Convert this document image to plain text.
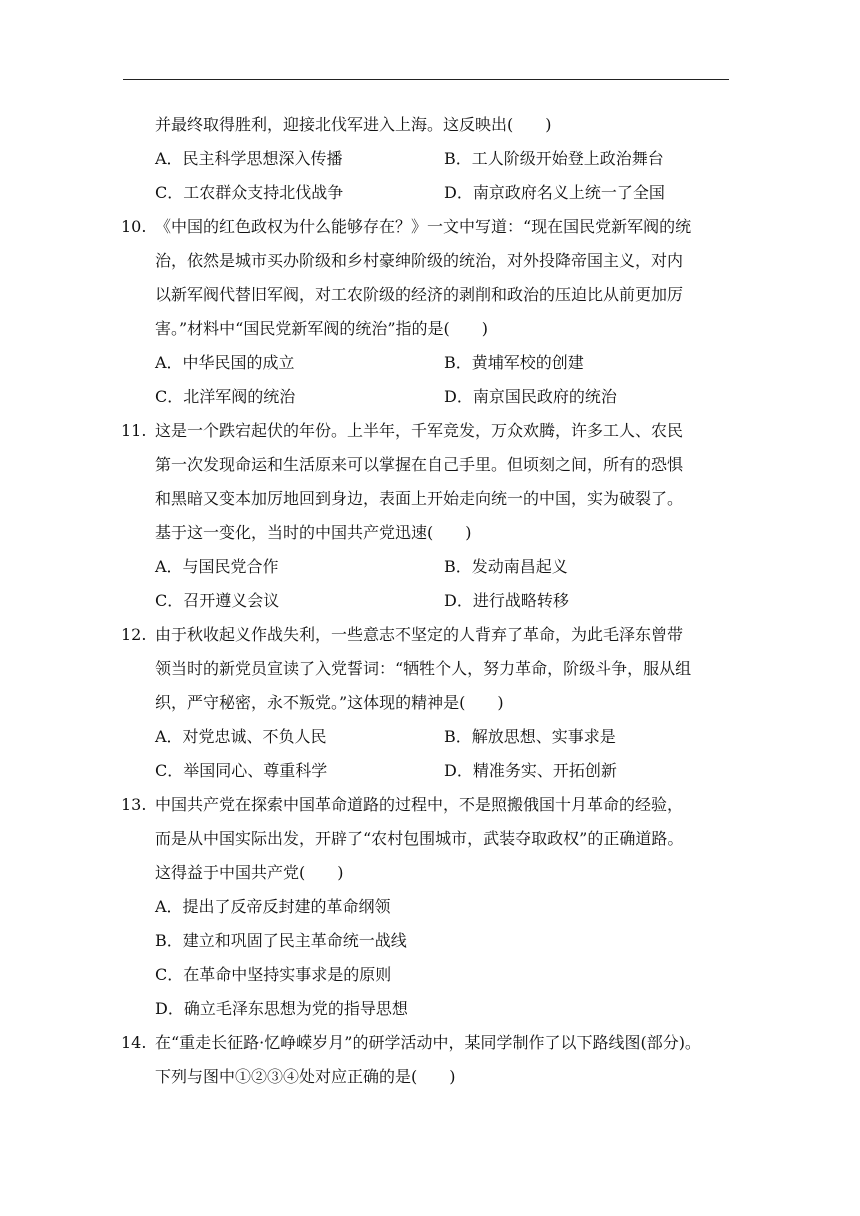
并最终取得胜利，迎接北伐军进入上海。这反映出(　　)
A．民主科学思想深入传播	B．工人阶级开始登上政治舞台
C．工农群众支持北伐战争	D．南京政府名义上统一了全国
10. 《中国的红色政权为什么能够存在？》一文中写道：“现在国民党新军阀的统
治，依然是城市买办阶级和乡村豪绅阶级的统治，对外投降帝国主义，对内
以新军阀代替旧军阀，对工农阶级的经济的剥削和政治的压迫比从前更加厉
害。”材料中“国民党新军阀的统治”指的是(　　)
A．中华民国的成立	B．黄埔军校的创建
C．北洋军阀的统治	D．南京国民政府的统治
11. 这是一个跌宕起伏的年份。上半年，千军竞发，万众欢腾，许多工人、农民
第一次发现命运和生活原来可以掌握在自己手里。但顷刻之间，所有的恐惧
和黑暗又变本加厉地回到身边，表面上开始走向统一的中国，实为破裂了。
基于这一变化，当时的中国共产党迅速(　　)
A．与国民党合作	B．发动南昌起义
C．召开遵义会议	D．进行战略转移
12. 由于秋收起义作战失利，一些意志不坚定的人背弃了革命，为此毛泽东曾带
领当时的新党员宣读了入党誓词：“牺牲个人，努力革命，阶级斗争，服从组
织，严守秘密，永不叛党。”这体现的精神是(　　)
A．对党忠诚、不负人民	B．解放思想、实事求是
C．举国同心、尊重科学	D．精准务实、开拓创新
13. 中国共产党在探索中国革命道路的过程中，不是照搬俄国十月革命的经验，
而是从中国实际出发，开辟了“农村包围城市，武装夺取政权”的正确道路。
这得益于中国共产党(　　)
A．提出了反帝反封建的革命纲领
B．建立和巩固了民主革命统一战线
C．在革命中坚持实事求是的原则
D．确立毛泽东思想为党的指导思想
14. 在“重走长征路·忆峥嵘岁月”的研学活动中，某同学制作了以下路线图(部分)。
下列与图中①②③④处对应正确的是(　　)
